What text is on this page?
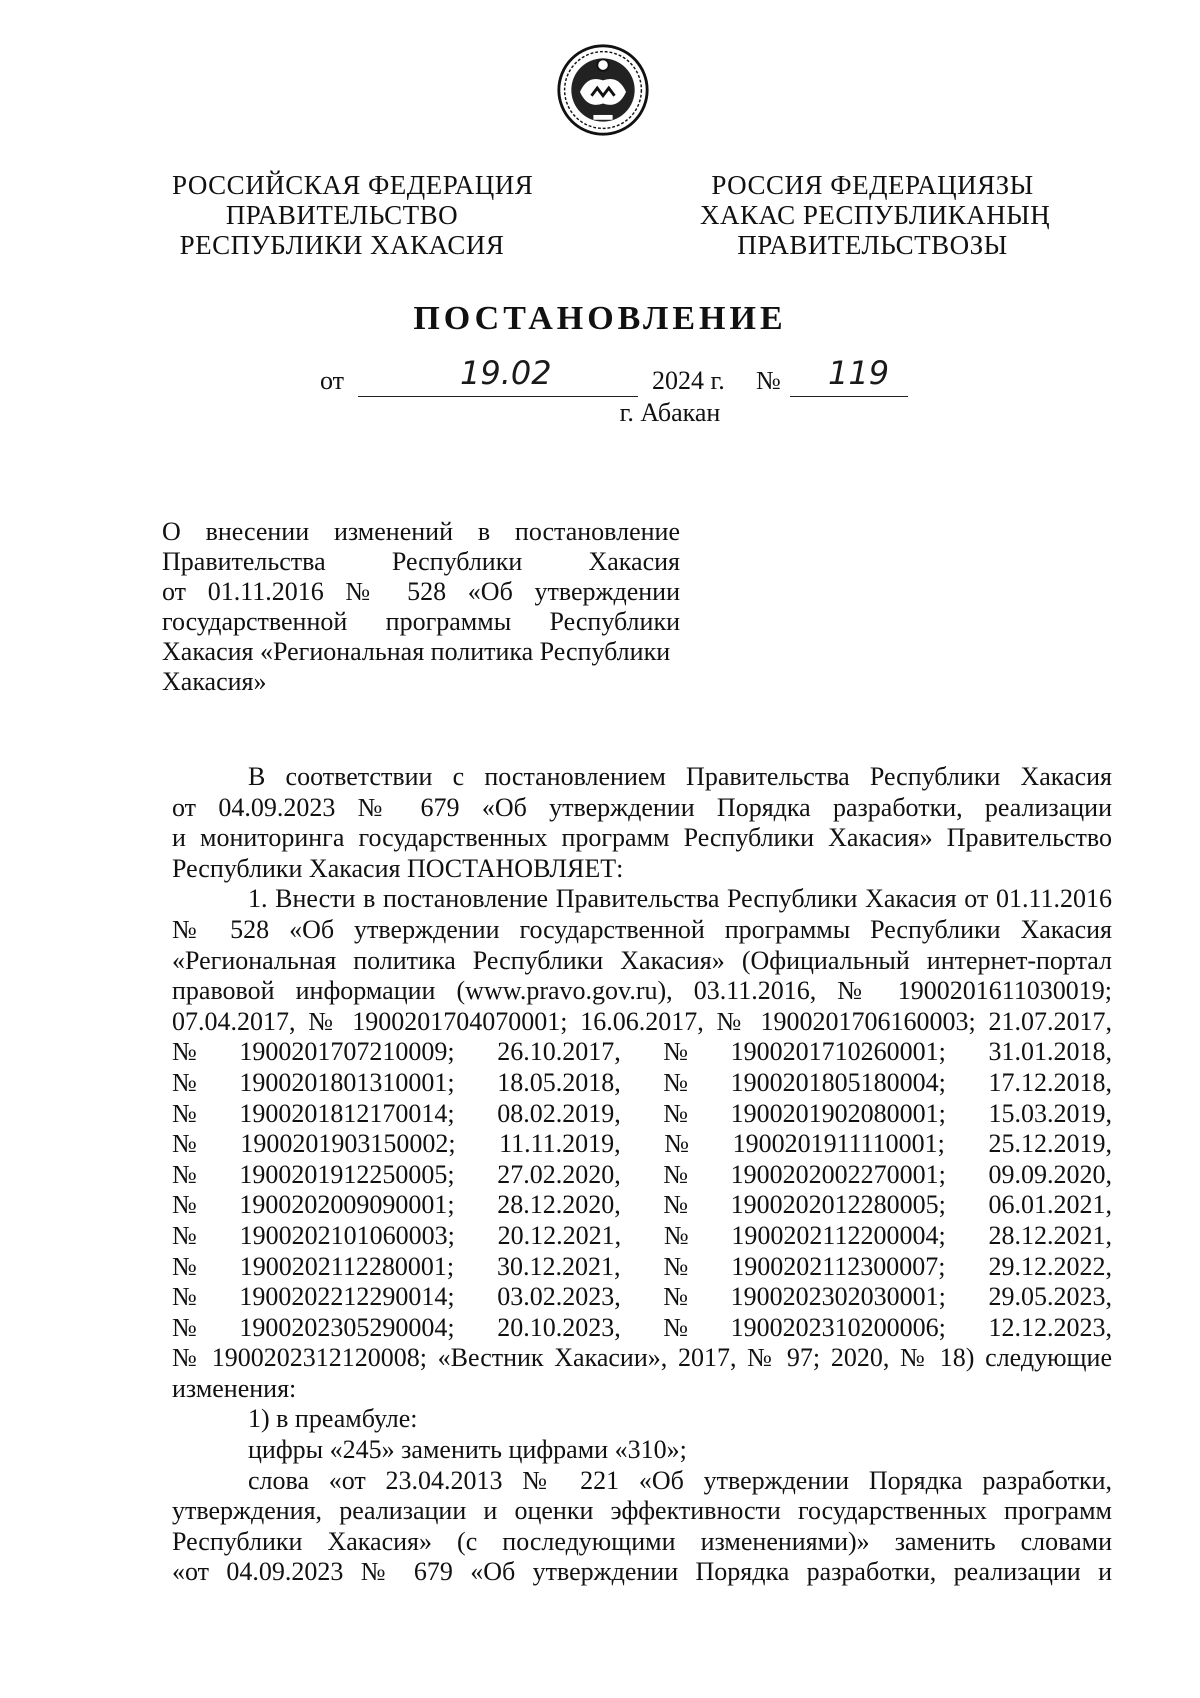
РОССИЙСКАЯ ФЕДЕРАЦИЯ
ПРАВИТЕЛЬСТВО
РЕСПУБЛИКИ ХАКАСИЯ
РОССИЯ ФЕДЕРАЦИЯЗЫ
ХАКАС РЕСПУБЛИКАНЫҢ
ПРАВИТЕЛЬСТВОЗЫ
ПОСТАНОВЛЕНИЕ
от	19.02	2024 г. № 119
г. Абакан
О внесении изменений в постановление
Правительства Республики Хакасия
от 01.11.2016 № 528 «Об утверждении
государственной программы Республики
Хакасия «Региональная политика Республики
Хакасия»
В соответствии с постановлением Правительства Республики Хакасия
от 04.09.2023 № 679 «Об утверждении Порядка разработки, реализации
и мониторинга государственных программ Республики Хакасия» Правительство
Республики Хакасия ПОСТАНОВЛЯЕТ:
1. Внести в постановление Правительства Республики Хакасия от 01.11.2016
№ 528 «Об утверждении государственной программы Республики Хакасия
«Региональная политика Республики Хакасия» (Официальный интернет-портал
правовой информации (www.pravo.gov.ru), 03.11.2016, № 1900201611030019;
07.04.2017, № 1900201704070001; 16.06.2017, № 1900201706160003; 21.07.2017,
№ 1900201707210009; 26.10.2017, № 1900201710260001; 31.01.2018,
№ 1900201801310001; 18.05.2018, № 1900201805180004; 17.12.2018,
№ 1900201812170014; 08.02.2019, № 1900201902080001; 15.03.2019,
№ 1900201903150002; 11.11.2019, № 1900201911110001; 25.12.2019,
№ 1900201912250005; 27.02.2020, № 1900202002270001; 09.09.2020,
№ 1900202009090001; 28.12.2020, № 1900202012280005; 06.01.2021,
№ 1900202101060003; 20.12.2021, № 1900202112200004; 28.12.2021,
№ 1900202112280001; 30.12.2021, № 1900202112300007; 29.12.2022,
№ 1900202212290014; 03.02.2023, № 1900202302030001; 29.05.2023,
№ 1900202305290004; 20.10.2023, № 1900202310200006; 12.12.2023,
№ 1900202312120008; «Вестник Хакасии», 2017, № 97; 2020, № 18) следующие
изменения:
1) в преамбуле:
цифры «245» заменить цифрами «310»;
слова «от 23.04.2013 № 221 «Об утверждении Порядка разработки,
утверждения, реализации и оценки эффективности государственных программ
Республики Хакасия» (с последующими изменениями)» заменить словами
«от 04.09.2023 № 679 «Об утверждении Порядка разработки, реализации и
